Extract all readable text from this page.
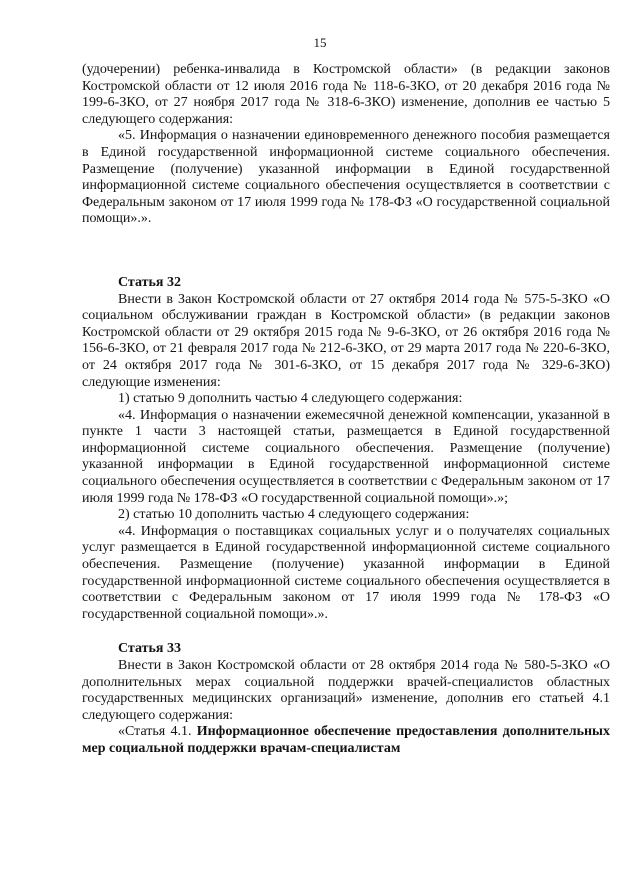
15

(удочерении) ребенка-инвалида в Костромской области» (в редакции законов Костромской области от 12 июля 2016 года № 118-6-ЗКО, от 20 декабря 2016 года № 199-6-ЗКО, от 27 ноября 2017 года № 318-6-ЗКО) изменение, дополнив ее частью 5 следующего содержания:

«5. Информация о назначении единовременного денежного пособия размещается в Единой государственной информационной системе социального обеспечения. Размещение (получение) указанной информации в Единой государственной информационной системе социального обеспечения осуществляется в соответствии с Федеральным законом от 17 июля 1999 года № 178-ФЗ «О государственной социальной помощи».».

Статья 32

Внести в Закон Костромской области от 27 октября 2014 года № 575-5-ЗКО «О социальном обслуживании граждан в Костромской области» (в редакции законов Костромской области от 29 октября 2015 года № 9-6-ЗКО, от 26 октября 2016 года № 156-6-ЗКО, от 21 февраля 2017 года № 212-6-ЗКО, от 29 марта 2017 года № 220-6-ЗКО, от 24 октября 2017 года № 301-6-ЗКО, от 15 декабря 2017 года № 329-6-ЗКО) следующие изменения:

1) статью 9 дополнить частью 4 следующего содержания:

«4. Информация о назначении ежемесячной денежной компенсации, указанной в пункте 1 части 3 настоящей статьи, размещается в Единой государственной информационной системе социального обеспечения. Размещение (получение) указанной информации в Единой государственной информационной системе социального обеспечения осуществляется в соответствии с Федеральным законом от 17 июля 1999 года № 178-ФЗ «О государственной социальной помощи».»;

2) статью 10 дополнить частью 4 следующего содержания:

«4. Информация о поставщиках социальных услуг и о получателях социальных услуг размещается в Единой государственной информационной системе социального обеспечения. Размещение (получение) указанной информации в Единой государственной информационной системе социального обеспечения осуществляется в соответствии с Федеральным законом от 17 июля 1999 года № 178-ФЗ «О государственной социальной помощи».».

Статья 33

Внести в Закон Костромской области от 28 октября 2014 года № 580-5-ЗКО «О дополнительных мерах социальной поддержки врачей-специалистов областных государственных медицинских организаций» изменение, дополнив его статьей 4.1 следующего содержания:

«Статья 4.1. Информационное обеспечение предоставления дополнительных мер социальной поддержки врачам-специалистам
